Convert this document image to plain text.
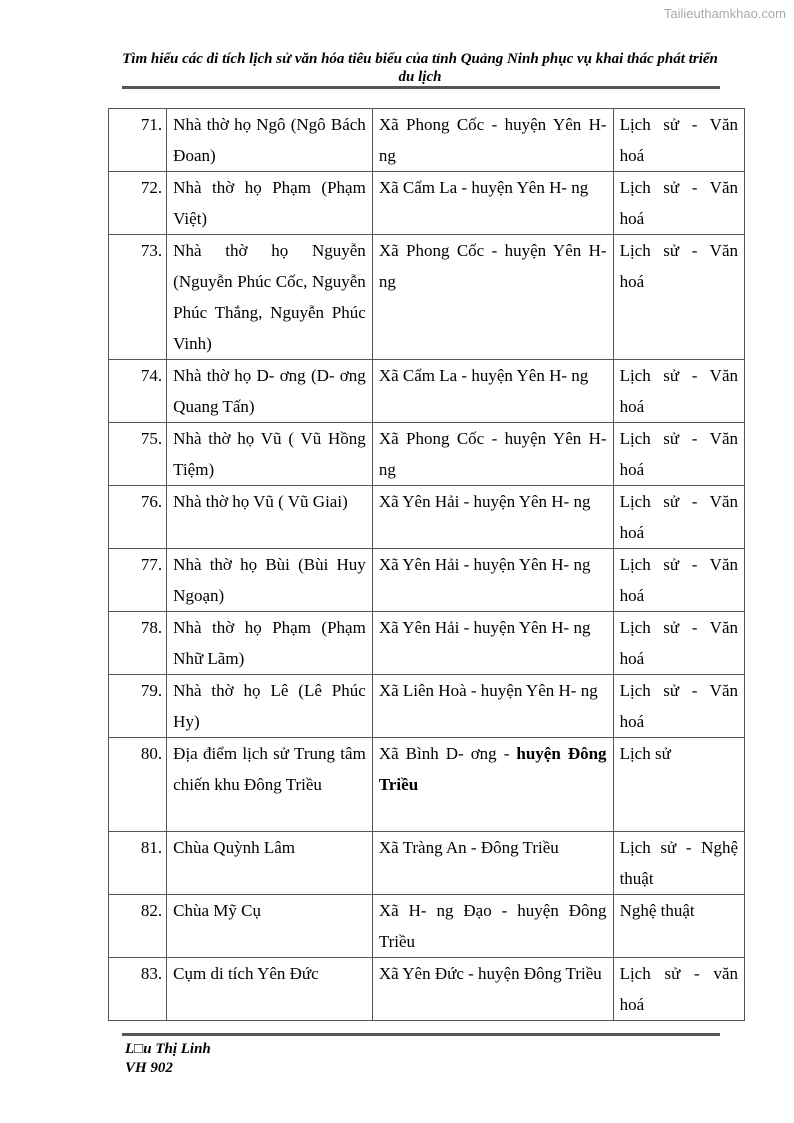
Tailieuthamkhao.com
Tìm hiểu các di tích lịch sử văn hóa tiêu biểu của tỉnh Quảng Ninh phục vụ khai thác phát triển du lịch
71.	Nhà thờ họ Ngô (Ngô Bách Đoan)	Xã Phong Cốc - huyện Yên H- ng	Lịch sử - Văn hoá
72.	Nhà thờ họ Phạm (Phạm Việt)	Xã Cẩm La - huyện Yên H- ng	Lịch sử - Văn hoá
73.	Nhà thờ họ Nguyễn (Nguyễn Phúc Cốc, Nguyễn Phúc Thắng, Nguyễn Phúc Vinh)	Xã Phong Cốc - huyện Yên H- ng	Lịch sử - Văn hoá
74.	Nhà thờ họ D- ơng (D- ơng Quang Tấn)	Xã Cẩm La - huyện Yên H- ng	Lịch sử - Văn hoá
75.	Nhà thờ họ Vũ ( Vũ Hồng Tiệm)	Xã Phong Cốc - huyện Yên H- ng	Lịch sử - Văn hoá
76.	Nhà thờ họ Vũ ( Vũ Giai)	Xã Yên Hải - huyện Yên H- ng	Lịch sử - Văn hoá
77.	Nhà thờ họ Bùi (Bùi Huy Ngoạn)	Xã Yên Hải - huyện Yên H- ng	Lịch sử - Văn hoá
78.	Nhà thờ họ Phạm (Phạm Nhữ Lãm)	Xã Yên Hải - huyện Yên H- ng	Lịch sử - Văn hoá
79.	Nhà thờ họ Lê (Lê Phúc Hy)	Xã Liên Hoà - huyện Yên H- ng	Lịch sử - Văn hoá
80.	Địa điểm lịch sử Trung tâm chiến khu Đông Triều	Xã Bình D- ơng - huyện Đông Triều	Lịch sử
81.	Chùa Quỳnh Lâm	Xã Tràng An - Đông Triều	Lịch sử - Nghệ thuật
82.	Chùa Mỹ Cụ	Xã H- ng Đạo - huyện Đông Triều	Nghệ thuật
83.	Cụm di tích Yên Đức	Xã Yên Đức - huyện Đông Triều	Lịch sử - văn hoá
L□u Thị Linh
VH 902
